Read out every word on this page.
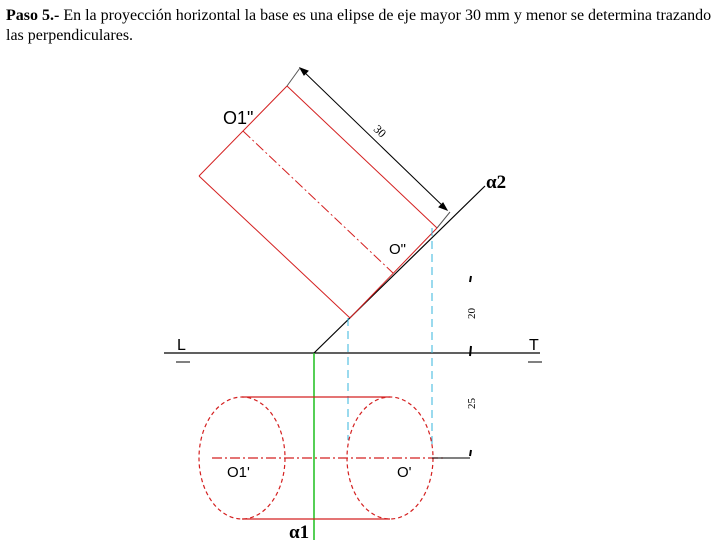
Paso 5.- En la proyección horizontal la base es una elipse de eje mayor 30 mm y menor se determina trazando las perpendiculares.
30
20
25
O1"
O"
α2
L	T
O1'	O'
α1
